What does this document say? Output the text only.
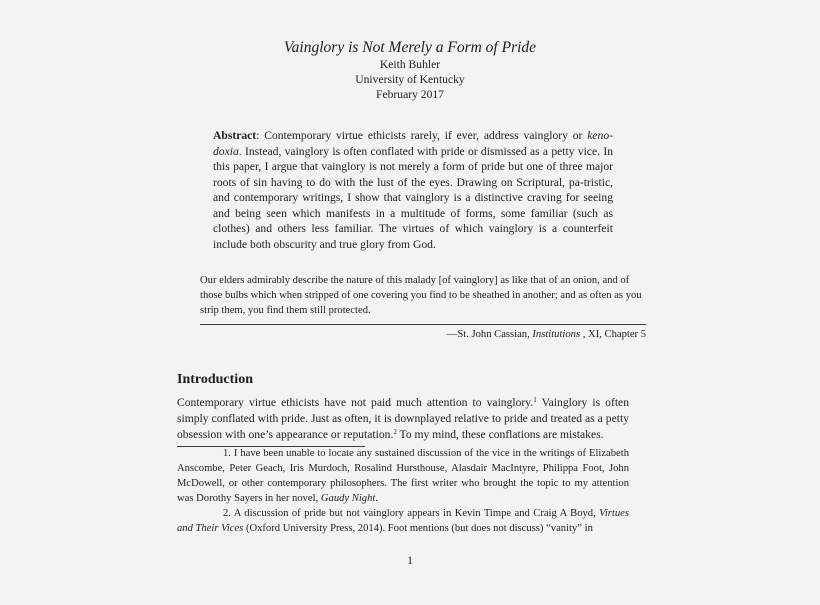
Vainglory is Not Merely a Form of Pride
Keith Buhler
University of Kentucky
February 2017
Abstract: Contemporary virtue ethicists rarely, if ever, address vainglory or keno-doxia. Instead, vainglory is often conflated with pride or dismissed as a petty vice. In this paper, I argue that vainglory is not merely a form of pride but one of three major roots of sin having to do with the lust of the eyes. Drawing on Scriptural, pa-tristic, and contemporary writings, I show that vainglory is a distinctive craving for seeing and being seen which manifests in a multitude of forms, some familiar (such as clothes) and others less familiar. The virtues of which vainglory is a counterfeit include both obscurity and true glory from God.
Our elders admirably describe the nature of this malady [of vainglory] as like that of an onion, and of those bulbs which when stripped of one covering you find to be sheathed in another; and as often as you strip them, you find them still protected.
—St. John Cassian, Institutions , XI, Chapter 5
Introduction
Contemporary virtue ethicists have not paid much attention to vainglory.$^1$ Vainglory is often simply conflated with pride. Just as often, it is downplayed relative to pride and treated as a petty obsession with one’s appearance or reputation.$^2$ To my mind, these conflations are mistakes.
1. I have been unable to locate any sustained discussion of the vice in the writings of Elizabeth Anscombe, Peter Geach, Iris Murdoch, Rosalind Hursthouse, Alasdair MacIntyre, Philippa Foot, John McDowell, or other contemporary philosophers. The first writer who brought the topic to my attention was Dorothy Sayers in her novel, Gaudy Night.
2. A discussion of pride but not vainglory appears in Kevin Timpe and Craig A Boyd, Virtues and Their Vices (Oxford University Press, 2014). Foot mentions (but does not discuss) “vanity” in
1
